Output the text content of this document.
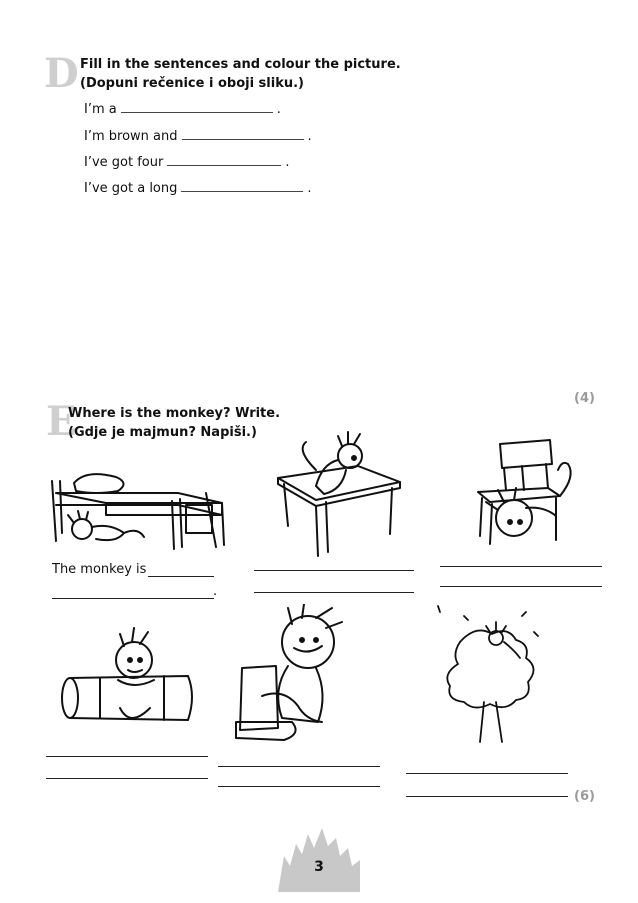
D Fill in the sentences and colour the picture.
(Dopuni rečenice i oboji sliku.)
I’m a	.
I’m brown and	.
I’ve got four	.
I’ve got a long	.
(4)
E
Where is the monkey? Write.
(Gdje je majmun? Napiši.)
The monkey is
.
(6)
3
